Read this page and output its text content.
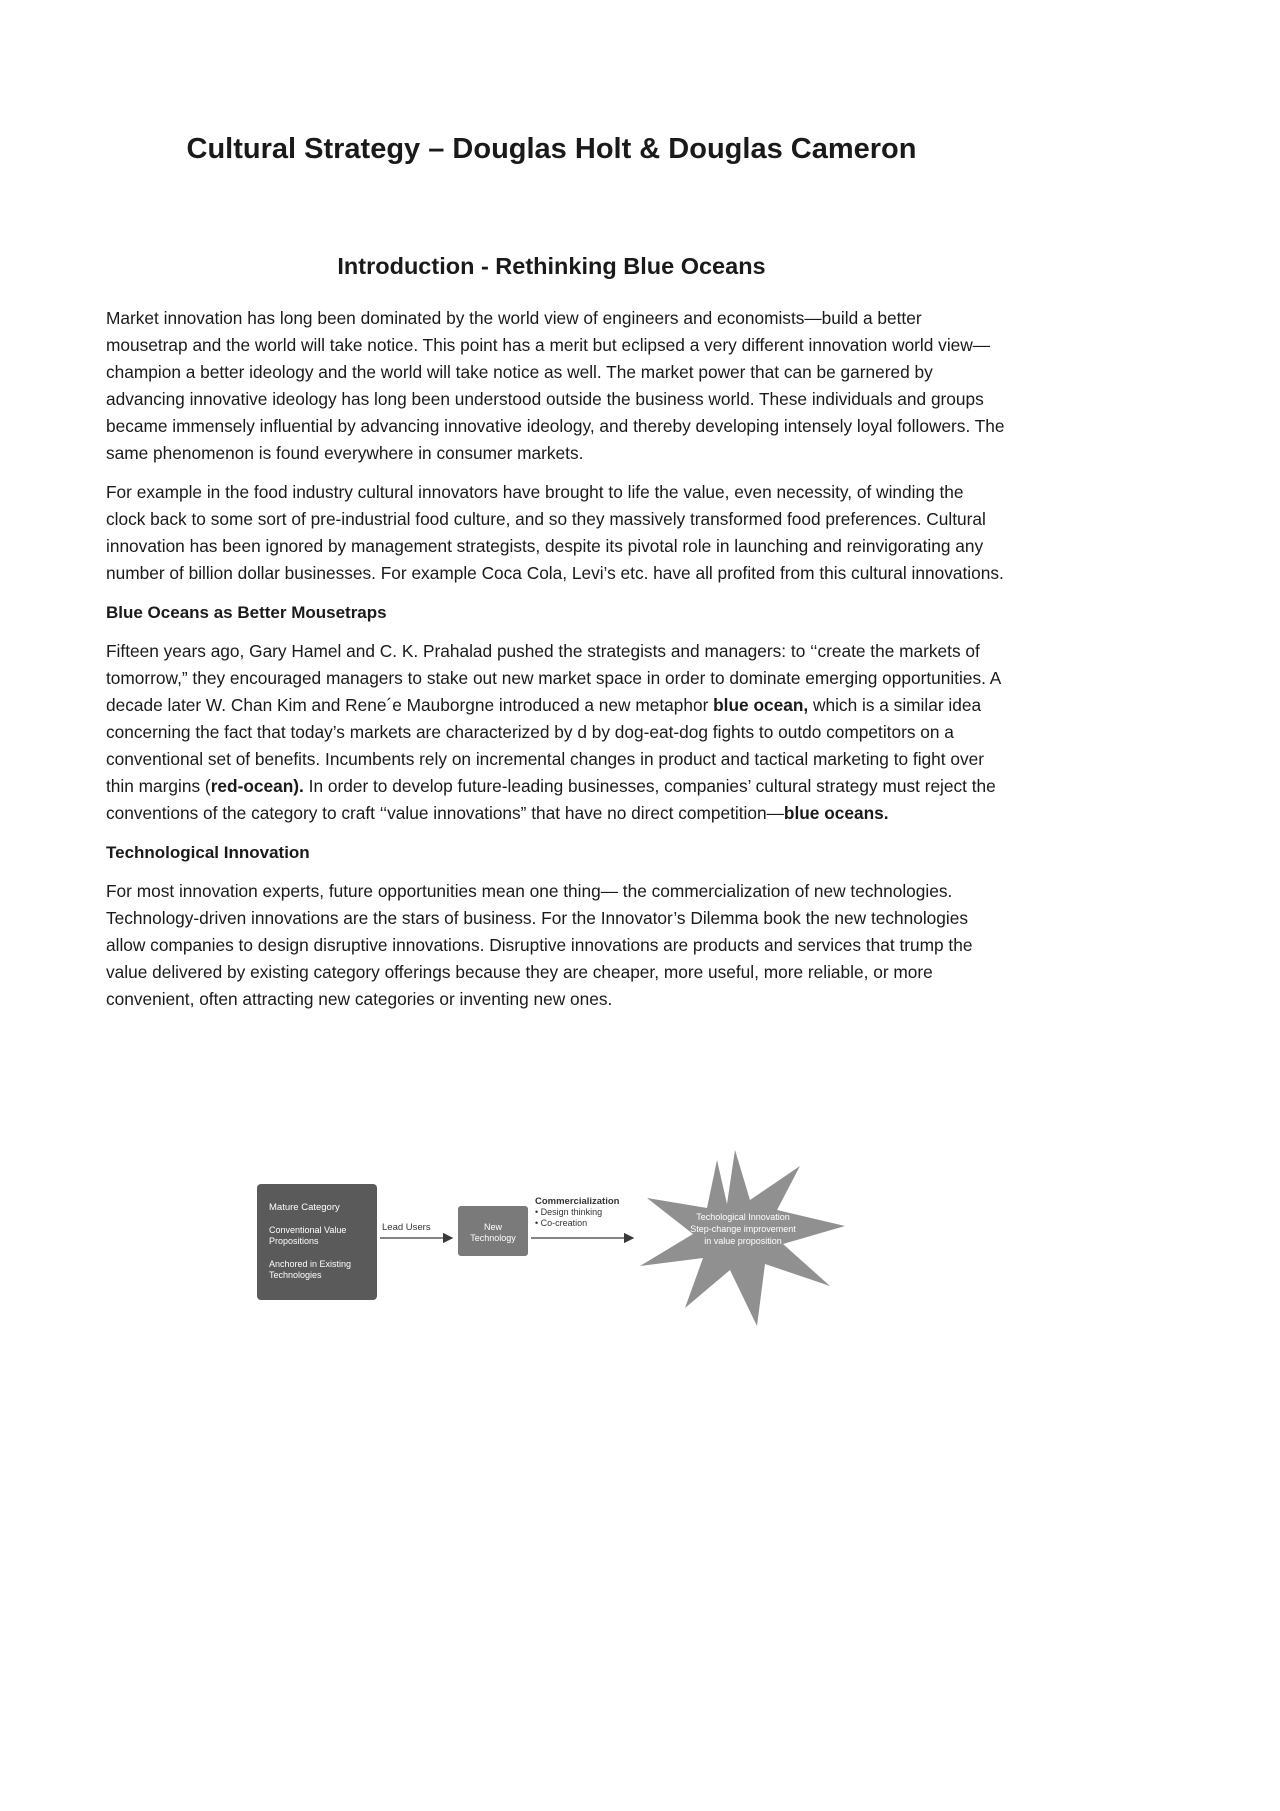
Cultural Strategy – Douglas Holt & Douglas Cameron
Introduction - Rethinking Blue Oceans

Market innovation has long been dominated by the world view of engineers and economists—build a better mousetrap and the world will take notice. This point has a merit but eclipsed a very different innovation world view—champion a better ideology and the world will take notice as well. The market power that can be garnered by advancing innovative ideology has long been understood outside the business world. These individuals and groups became immensely influential by advancing innovative ideology, and thereby developing intensely loyal followers. The same phenomenon is found everywhere in consumer markets.

For example in the food industry cultural innovators have brought to life the value, even necessity, of winding the clock back to some sort of pre-industrial food culture, and so they massively transformed food preferences. Cultural innovation has been ignored by management strategists, despite its pivotal role in launching and reinvigorating any number of billion dollar businesses. For example Coca Cola, Levi’s etc. have all profited from this cultural innovations.

Blue Oceans as Better Mousetraps

Fifteen years ago, Gary Hamel and C. K. Prahalad pushed the strategists and managers: to ‘‘create the markets of tomorrow,” they encouraged managers to stake out new market space in order to dominate emerging opportunities. A decade later W. Chan Kim and Rene´e Mauborgne introduced a new metaphor blue ocean, which is a similar idea concerning the fact that today’s markets are characterized by d by dog-eat-dog fights to outdo competitors on a conventional set of benefits. Incumbents rely on incremental changes in product and tactical marketing to fight over thin margins (red-ocean). In order to develop future-leading businesses, companies’ cultural strategy must reject the conventions of the category to craft ‘‘value innovations” that have no direct competition—blue oceans.

Technological Innovation

For most innovation experts, future opportunities mean one thing— the commercialization of new technologies. Technology-driven innovations are the stars of business. For the Innovator’s Dilemma book the new technologies allow companies to design disruptive innovations. Disruptive innovations are products and services that trump the value delivered by existing category offerings because they are cheaper, more useful, more reliable, or more convenient, often attracting new categories or inventing new ones.

Mature Category
Conventional Value
Propositions
Anchored in Existing
Technologies
Lead Users	New
Technology
Commercialization
• Design thinking
• Co-creation
Techological Innovation
Step-change improvement
in value proposition
